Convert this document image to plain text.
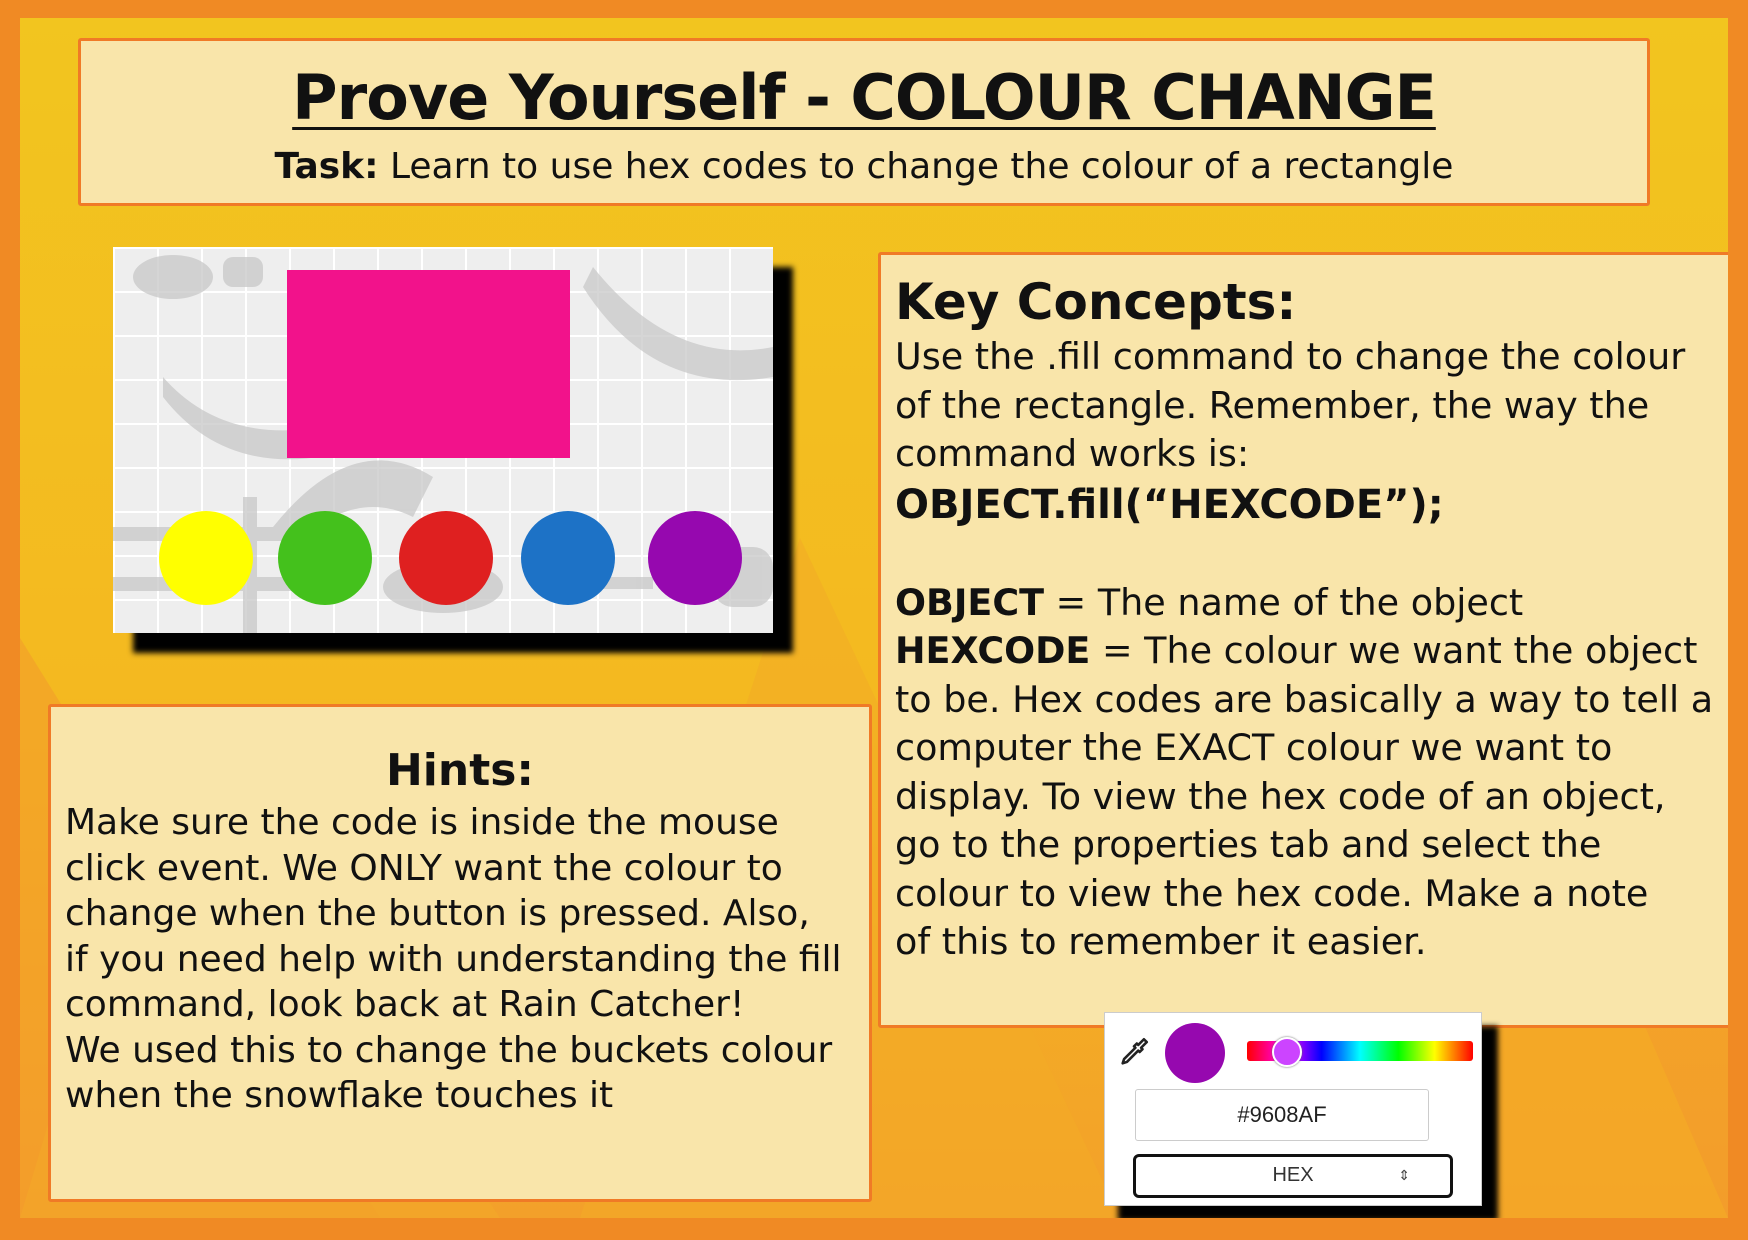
Prove Yourself - COLOUR CHANGE
Task: Learn to use hex codes to change the colour of a rectangle
Hints:

Make sure the code is inside the mouse

click event. We ONLY want the colour to

change when the button is pressed. Also,

if you need help with understanding the fill

command, look back at Rain Catcher!

We used this to change the buckets colour

when the snowflake touches it

Key Concepts:

Use the .fill command to change the colour

of the rectangle. Remember, the way the

command works is:

OBJECT.fill(“HEXCODE”);

OBJECT = The name of the object

HEXCODE = The colour we want the object

to be. Hex codes are basically a way to tell a

computer the EXACT colour we want to

display. To view the hex code of an object,

go to the properties tab and select the

colour to view the hex code. Make a note

of this to remember it easier.

#9608AF
HEX	⇕
